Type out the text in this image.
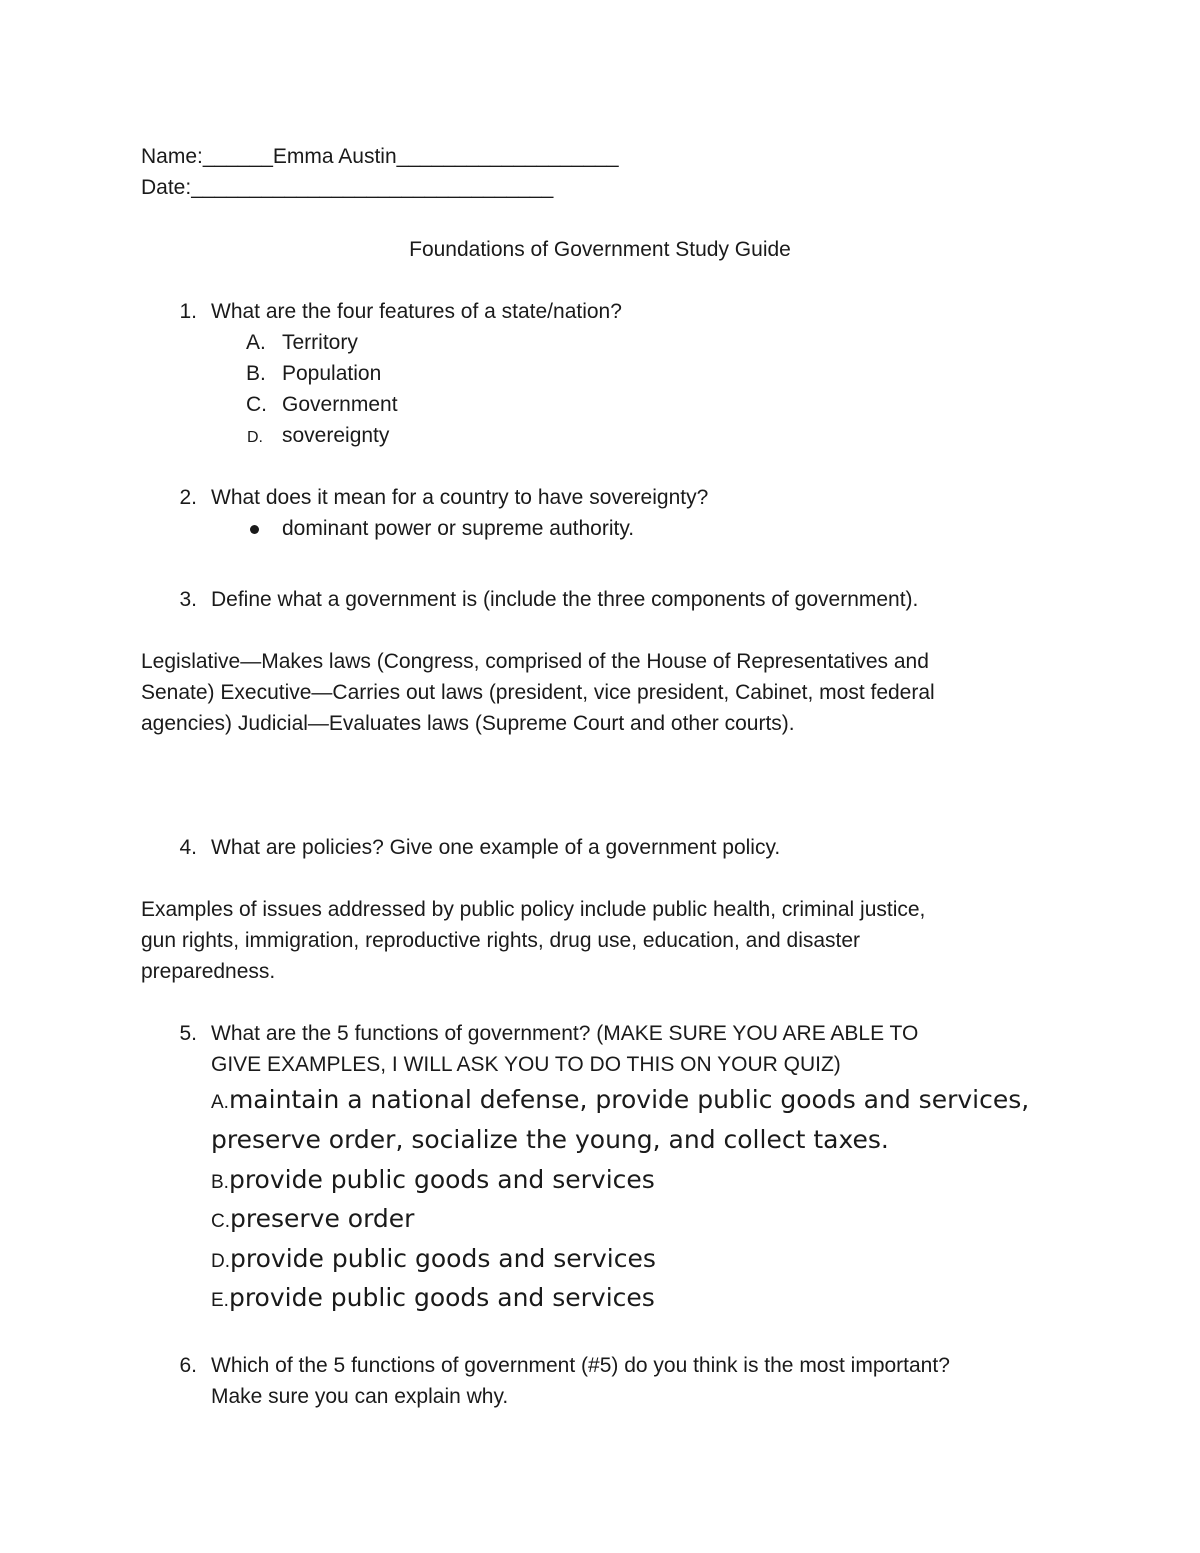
Name:______Emma Austin___________________
Date:_______________________________
Foundations of Government Study Guide
1. What are the four features of a state/nation?
A. Territory
B. Population
C. Government
D. sovereignty
2. What does it mean for a country to have sovereignty?
dominant power or supreme authority.
3. Define what a government is (include the three components of government).
Legislative—Makes laws (Congress, comprised of the House of Representatives and
Senate) Executive—Carries out laws (president, vice president, Cabinet, most federal
agencies) Judicial—Evaluates laws (Supreme Court and other courts).
4. What are policies? Give one example of a government policy.
Examples of issues addressed by public policy include public health, criminal justice,
gun rights, immigration, reproductive rights, drug use, education, and disaster
preparedness.
5. What are the 5 functions of government? (MAKE SURE YOU ARE ABLE TO
GIVE EXAMPLES, I WILL ASK YOU TO DO THIS ON YOUR QUIZ)
A.maintain a national defense, provide public goods and services,
preserve order, socialize the young, and collect taxes.
B.provide public goods and services
C.preserve order
D.provide public goods and services
E.provide public goods and services
6. Which of the 5 functions of government (#5) do you think is the most important?
Make sure you can explain why.
